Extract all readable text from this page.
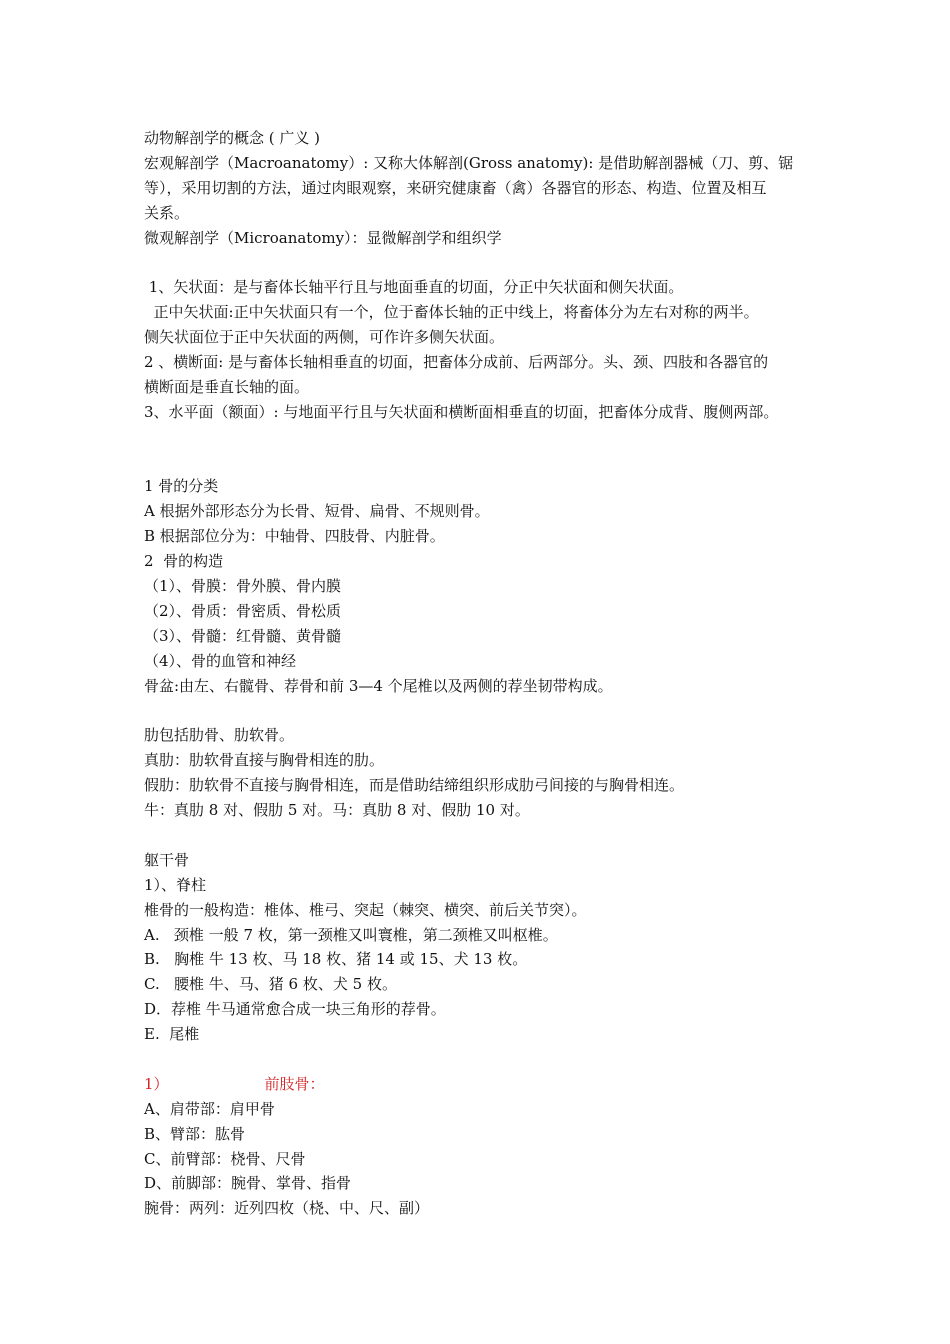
动物解剖学的概念 ( 广义 )
宏观解剖学（Macroanatomy）: 又称大体解剖(Gross anatomy): 是借助解剖器械（刀、剪、锯
等），采用切割的方法，通过肉眼观察，来研究健康畜（禽）各器官的形态、构造、位置及相互
关系。
微观解剖学（Microanatomy）：显微解剖学和组织学
1、矢状面：是与畜体长轴平行且与地面垂直的切面，分正中矢状面和侧矢状面。
正中矢状面:正中矢状面只有一个，位于畜体长轴的正中线上，将畜体分为左右对称的两半。
侧矢状面位于正中矢状面的两侧，可作许多侧矢状面。
2 、横断面: 是与畜体长轴相垂直的切面，把畜体分成前、后两部分。头、颈、四肢和各器官的
横断面是垂直长轴的面。
3、水平面（额面）: 与地面平行且与矢状面和横断面相垂直的切面，把畜体分成背、腹侧两部。
1 骨的分类
A 根据外部形态分为长骨、短骨、扁骨、不规则骨。
B 根据部位分为：中轴骨、四肢骨、内脏骨。
2  骨的构造
（1）、骨膜：骨外膜、骨内膜
（2）、骨质：骨密质、骨松质
（3）、骨髓：红骨髓、黄骨髓
（4）、骨的血管和神经
骨盆:由左、右髋骨、荐骨和前 3—4 个尾椎以及两侧的荐坐韧带构成。
肋包括肋骨、肋软骨。
真肋：肋软骨直接与胸骨相连的肋。
假肋：肋软骨不直接与胸骨相连，而是借助结缔组织形成肋弓间接的与胸骨相连。
牛：真肋 8 对、假肋 5 对。马：真肋 8 对、假肋 10 对。
躯干骨
1）、脊柱
椎骨的一般构造：椎体、椎弓、突起（棘突、横突、前后关节突）。
A.   颈椎 一般 7 枚，第一颈椎又叫寰椎，第二颈椎又叫枢椎。
B.   胸椎 牛 13 枚、马 18 枚、猪 14 或 15、犬 13 枚。
C.   腰椎 牛、马、猪 6 枚、犬 5 枚。
D．荐椎 牛马通常愈合成一块三角形的荐骨。
E.  尾椎
1）	前肢骨：
A、肩带部：肩甲骨
B、臂部：肱骨
C、前臂部：桡骨、尺骨
D、前脚部：腕骨、掌骨、指骨
腕骨：两列：近列四枚（桡、中、尺、副）
